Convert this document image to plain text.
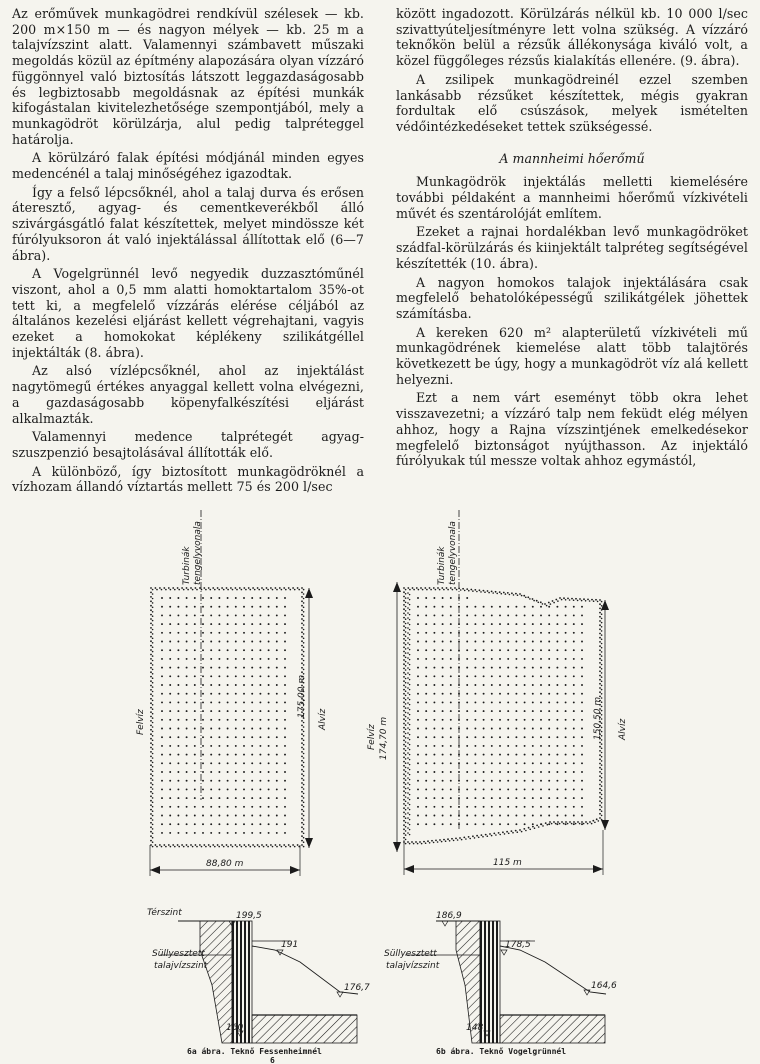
Az erőművek munkagödrei rendkívül szélesek — kb. 200 m×150 m — és nagyon mélyek — kb. 25 m a talajvízszint alatt. Valamennyi számbavett műszaki megoldás közül az építmény alapozására olyan vízzáró függönnyel való biztosítás látszott leggazdaságosabb és legbiztosabb megoldásnak az építési munkák kifogástalan kivitelezhetősége szempontjából, mely a munkagödröt körülzárja, alul pedig talpréteggel határolja.

A körülzáró falak építési módjánál minden egyes medencénél a talaj minőségéhez igazodtak.

Így a felső lépcsőknél, ahol a talaj durva és erősen áteresztő, agyag- és cementkeverékből álló szivárgásgátló falat készítettek, melyet mindössze két fúrólyuksoron át való injektálással állítottak elő (6—7 ábra).

A Vogelgrünnél levő negyedik duzzasztóműnél viszont, ahol a 0,5 mm alatti homoktartalom 35%-ot tett ki, a megfelelő vízzárás elérése céljából az általános kezelési eljárást kellett végrehajtani, vagyis ezeket a homokokat képlékeny szilikátgéllel injektálták (8. ábra).

Az alsó vízlépcsőknél, ahol az injektálást nagytömegű értékes anyaggal kellett volna elvégezni, a gazdaságosabb köpenyfalkészítési eljárást alkalmazták.

Valamennyi medence talprétegét agyag-szuszpenzió besajtolásával állították elő.

A különböző, így biztosított munkagödröknél a vízhozam állandó víztartás mellett 75 és 200 l/sec

között ingadozott. Körülzárás nélkül kb. 10 000 l/sec szivattyúteljesítményre lett volna szükség. A vízzáró teknőkön belül a rézsűk állékonysága kiváló volt, a közel függőleges rézsűs kialakítás ellenére. (9. ábra).

A zsilipek munkagödreinél ezzel szemben lankásabb rézsűket készítettek, mégis gyakran fordultak elő csúszások, melyek ismételten védőintézkedéseket tettek szükségessé.

A mannheimi hőerőmű

Munkagödrök injektálás melletti kiemelésére további példaként a mannheimi hőerőmű vízkivételi művét és szentárolóját említem.

Ezeket a rajnai hordalékban levő munkagödröket szádfal-körülzárás és kiinjektált talpréteg segítségével készítették (10. ábra).

A nagyon homokos talajok injektálására csak megfelelő behatolóképességű szilikátgélek jöhettek számításba.

A kereken 620 m² alapterületű vízkivételi mű munkagödrének kiemelése alatt több talajtörés következett be úgy, hogy a munkagödröt víz alá kellett helyezni.

Ezt a nem várt eseményt több okra lehet visszavezetni; a vízzáró talp nem feküdt elég mélyen ahhoz, hogy a Rajna vízszintjének emelkedésekor megfelelő biztonságot nyújthasson. Az injektáló fúrólyukak túl messze voltak ahhoz egymástól,

Turbinák tengelyvonala
Felvíz	Alvíz
175,00 m
88,80 m
Turbinák tengelyvonala
Felvíz 174,70 m	150,50 m Alvíz
115 m
Térszint
Süllyesztett
talajvízszint
199,5
191
176,7
160
6a ábra. Teknő Fessenheimnél
6
Süllyesztett
talajvízszint
186,9
178,5
164,6
148
6b ábra. Teknő Vogelgrünnél
